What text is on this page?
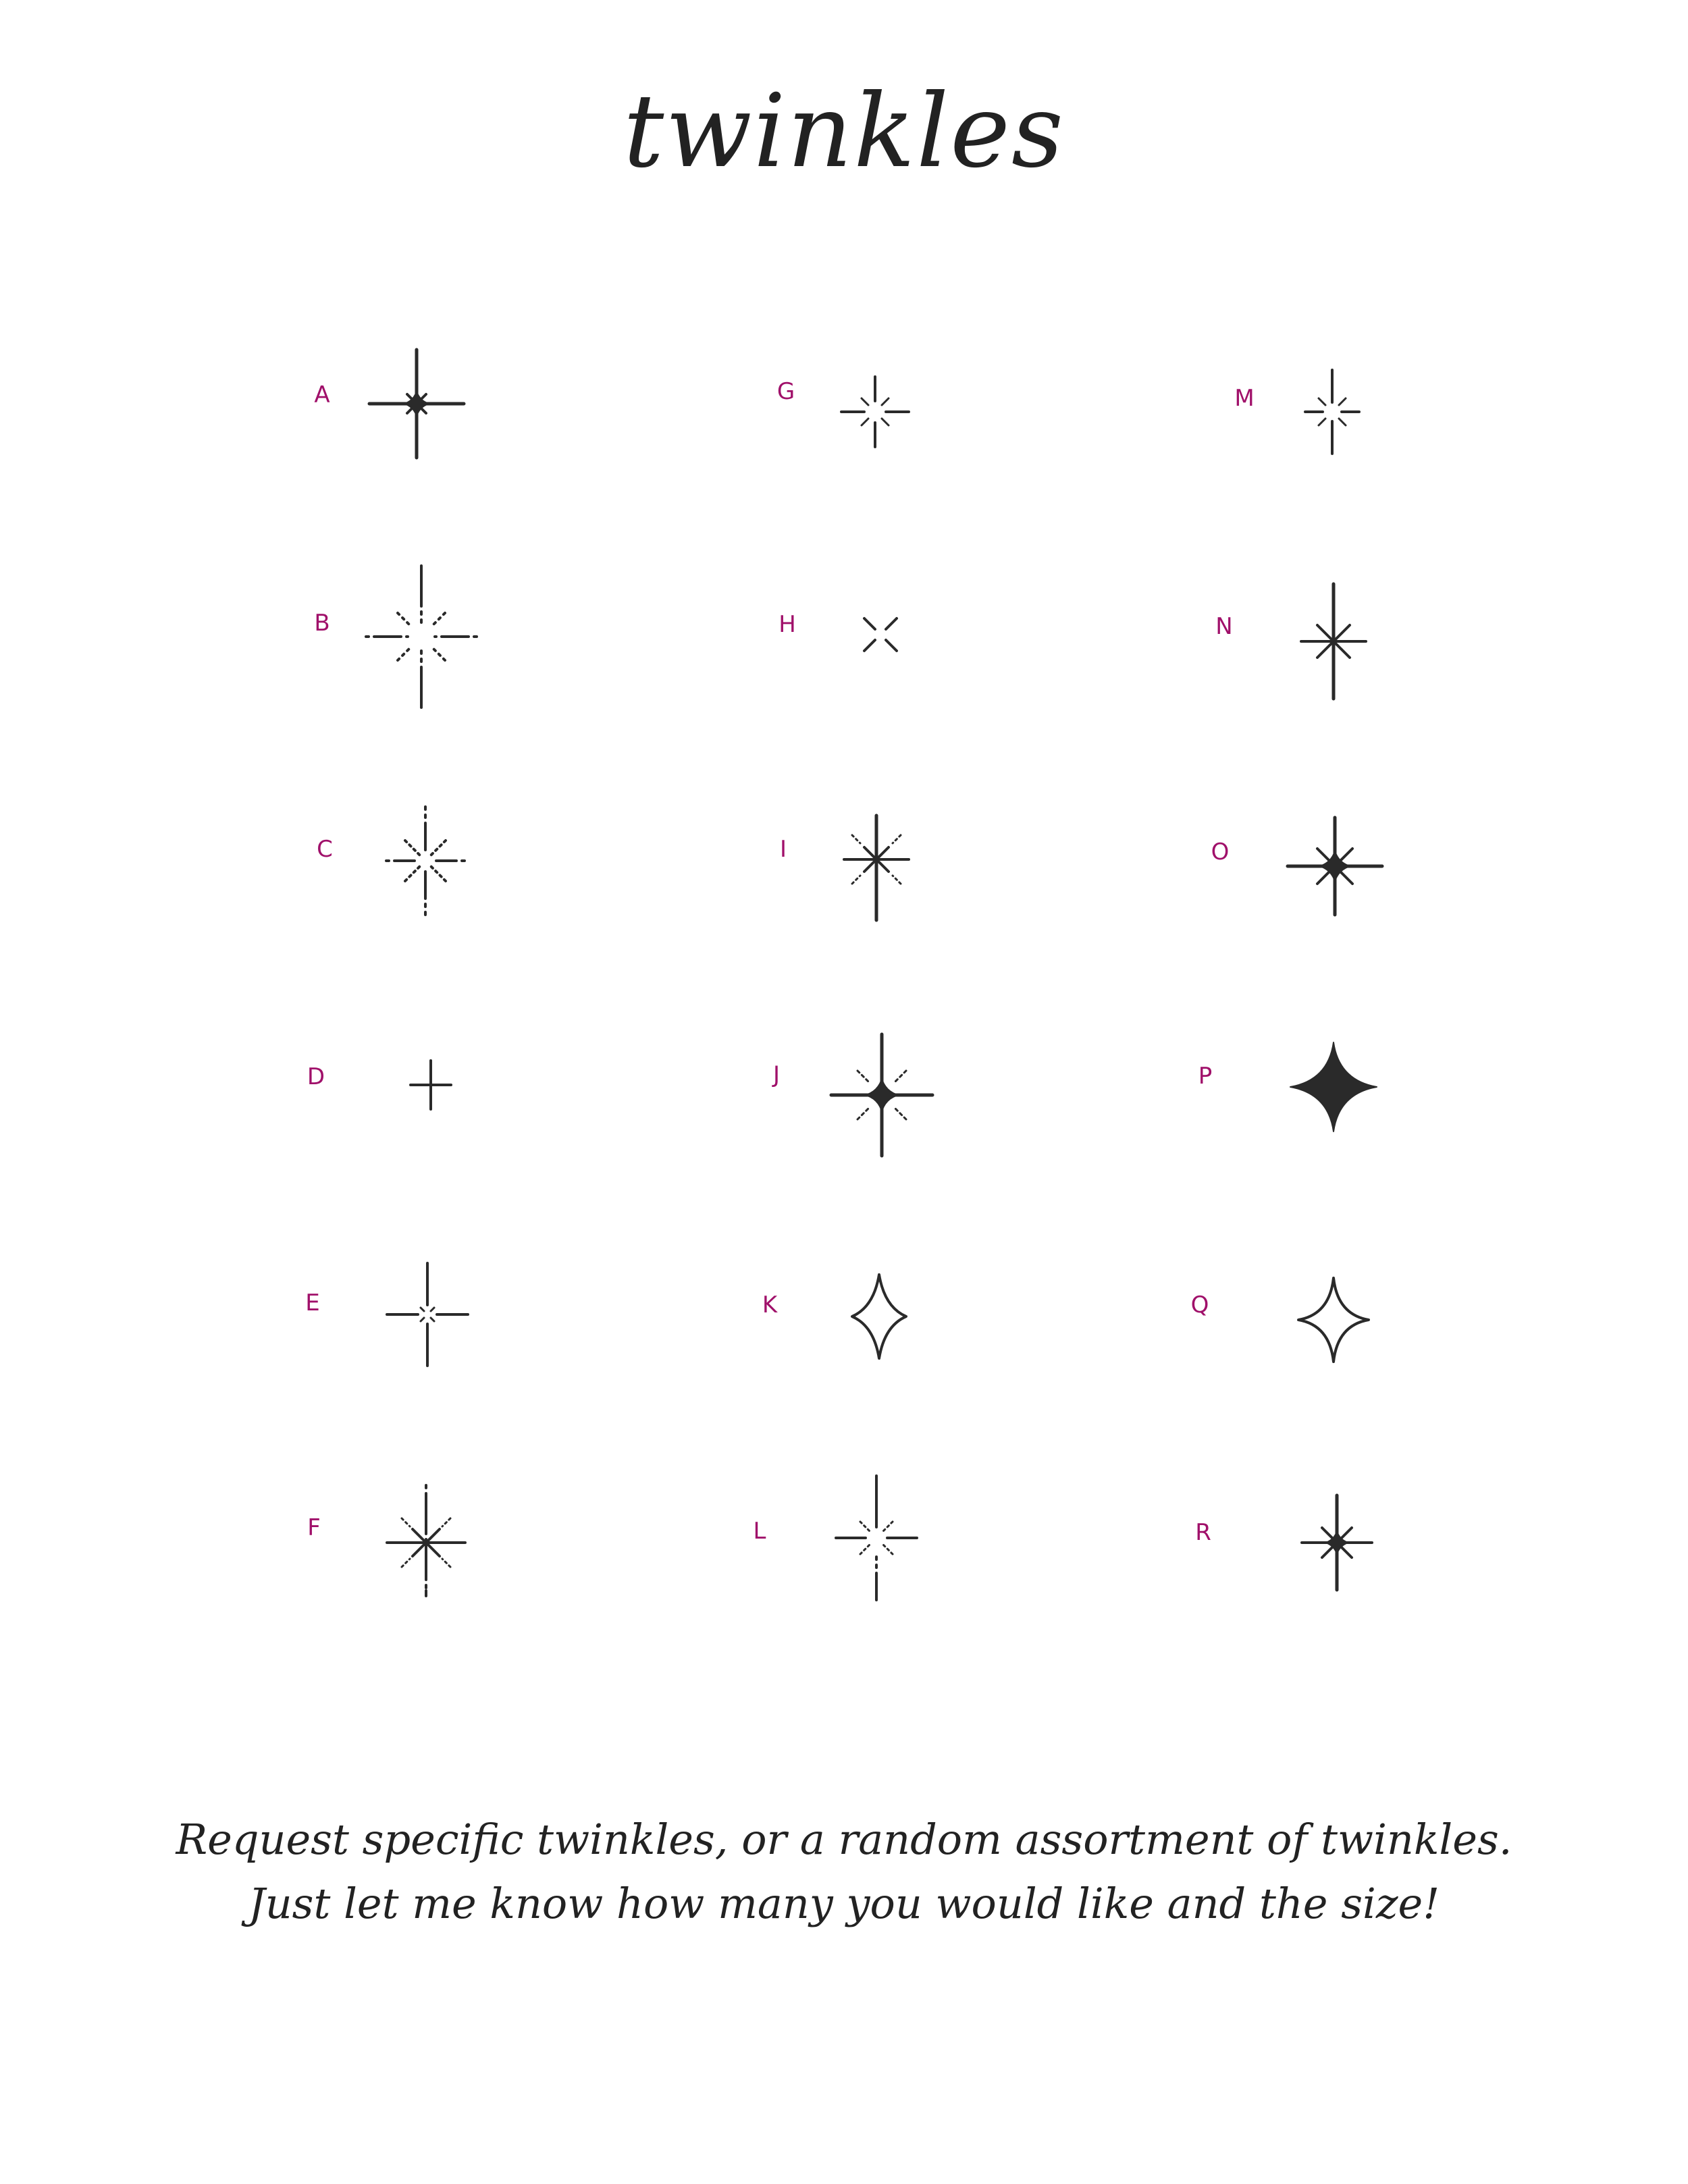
twinkles
A
B
C
D
E
F
G
H
I
J
K
L
M
N
O
P
Q
R
Request specific twinkles, or a random assortment of twinkles.
Just let me know how many you would like and the size!
